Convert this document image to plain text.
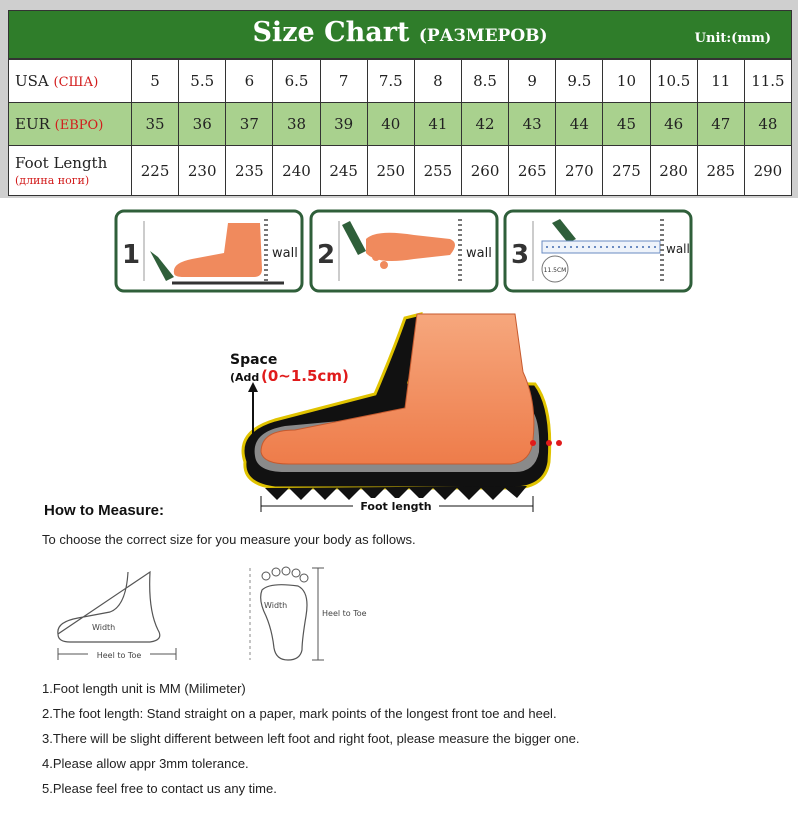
Size Chart (РАЗМЕРОВ)	Unit:(mm)
USA (США)	5	5.5	6	6.5	7	7.5	8	8.5	9	9.5	10	10.5	11	11.5
EUR (ЕВРО)	35	36	37	38	39	40	41	42	43	44	45	46	47	48
Foot Length
(длина ноги)	225	230	235	240	245	250	255	260	265	270	275	280	285	290
1	wall 2	wall 3	wall
11.5CM
Space
(Add (0~1.5cm)
Foot length
How to Measure:
To choose the correct size for you measure your body as follows.
Width
Heel to Toe
Width
Heel to Toe
1.Foot length unit is MM (Milimeter)
2.The foot length: Stand straight on a paper, mark points of the longest front toe and heel.
3.There will be slight different between left foot and right foot, please measure the bigger one.
4.Please allow appr 3mm tolerance.
5.Please feel free to contact us any time.
